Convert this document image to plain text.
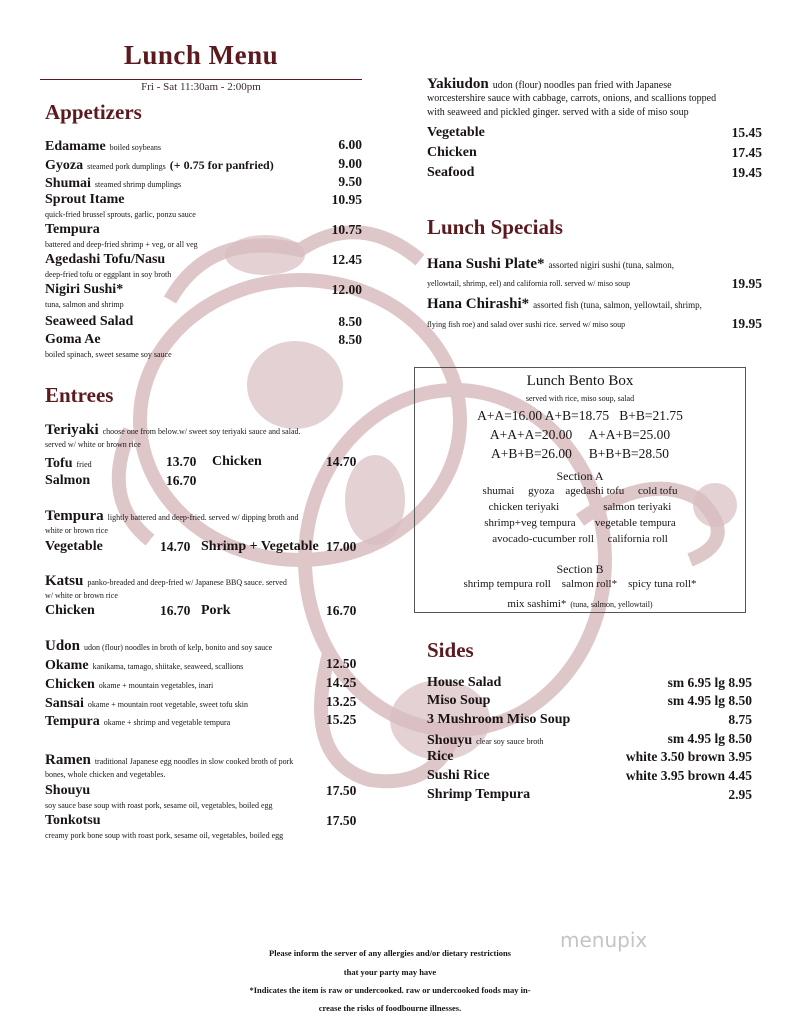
Lunch Menu
Fri - Sat 11:30am - 2:00pm
Appetizers
Edamame boiled soybeans	6.00
Gyoza steamed pork dumplings (+ 0.75 for panfried)	9.00
Shumai steamed shrimp dumplings	9.50
Sprout Itame	10.95
quick-fried brussel sprouts, garlic, ponzu sauce
Tempura	10.75
battered and deep-fried shrimp + veg, or all veg
Agedashi Tofu/Nasu	12.45
deep-fried tofu or eggplant in soy broth
Nigiri Sushi*	12.00
tuna, salmon and shrimp
Seaweed Salad	8.50
Goma Ae	8.50
boiled spinach, sweet sesame soy sauce
Entrees
Teriyaki choose one from below.w/ sweet soy teriyaki sauce and salad.
served w/ white or brown rice
Tofu fried	13.70 Chicken	14.70
Salmon	16.70
Tempura lightly battered and deep-fried. served w/ dipping broth and
white or brown rice
Vegetable	14.70 Shrimp + Vegetable 17.00
Katsu panko-breaded and deep-fried w/ Japanese BBQ sauce. served
w/ white or brown rice
Chicken	16.70 Pork	16.70
Udon udon (flour) noodles in broth of kelp, bonito and soy sauce
Okame kanikama, tamago, shiitake, seaweed, scallions	12.50
Chicken okame + mountain vegetables, inari	14.25
Sansai okame + mountain root vegetable, sweet tofu skin	13.25
Tempura okame + shrimp and vegetable tempura	15.25
Ramen traditional Japanese egg noodles in slow cooked broth of pork
bones, whole chicken and vegetables.
Shouyu	17.50
soy sauce base soup with roast pork, sesame oil, vegetables, boiled egg
Tonkotsu	17.50
creamy pork bone soup with roast pork, sesame oil, vegetables, boiled egg
Yakiudon udon (flour) noodles pan fried with Japanese
worcestershire sauce with cabbage, carrots, onions, and scallions topped
with seaweed and pickled ginger. served with a side of miso soup
Vegetable	15.45
Chicken	17.45
Seafood	19.45
Lunch Specials
Hana Sushi Plate* assorted nigiri sushi (tuna, salmon,
yellowtail, shrimp, eel) and california roll. served w/ miso soup	19.95
Hana Chirashi* assorted fish (tuna, salmon, yellowtail, shrimp,
flying fish roe) and salad over sushi rice. served w/ miso soup	19.95
Lunch Bento Box
served with rice, miso soup, salad
A+A=16.00 A+B=18.75   B+B=21.75
A+A+A=20.00     A+A+B=25.00
A+B+B=26.00     B+B+B=28.50
Section A
shumai     gyoza    agedashi tofu     cold tofu
chicken teriyaki                salmon teriyaki
shrimp+veg tempura       vegetable tempura
avocado-cucumber roll     california roll
Section B
shrimp tempura roll    salmon roll*    spicy tuna roll*
mix sashimi* (tuna, salmon, yellowtail)
Sides
House Salad	sm 6.95 lg 8.95
Miso Soup	sm 4.95 lg 8.50
3 Mushroom Miso Soup	8.75
Shouyu clear soy sauce broth	sm 4.95 lg 8.50
Rice	white 3.50 brown 3.95
Sushi Rice	white 3.95 brown 4.45
Shrimp Tempura	2.95
menupix
Please inform the server of any allergies and/or dietary restrictions
that your party may have
*Indicates the item is raw or undercooked. raw or undercooked foods may in-
crease the risks of foodbourne illnesses.
